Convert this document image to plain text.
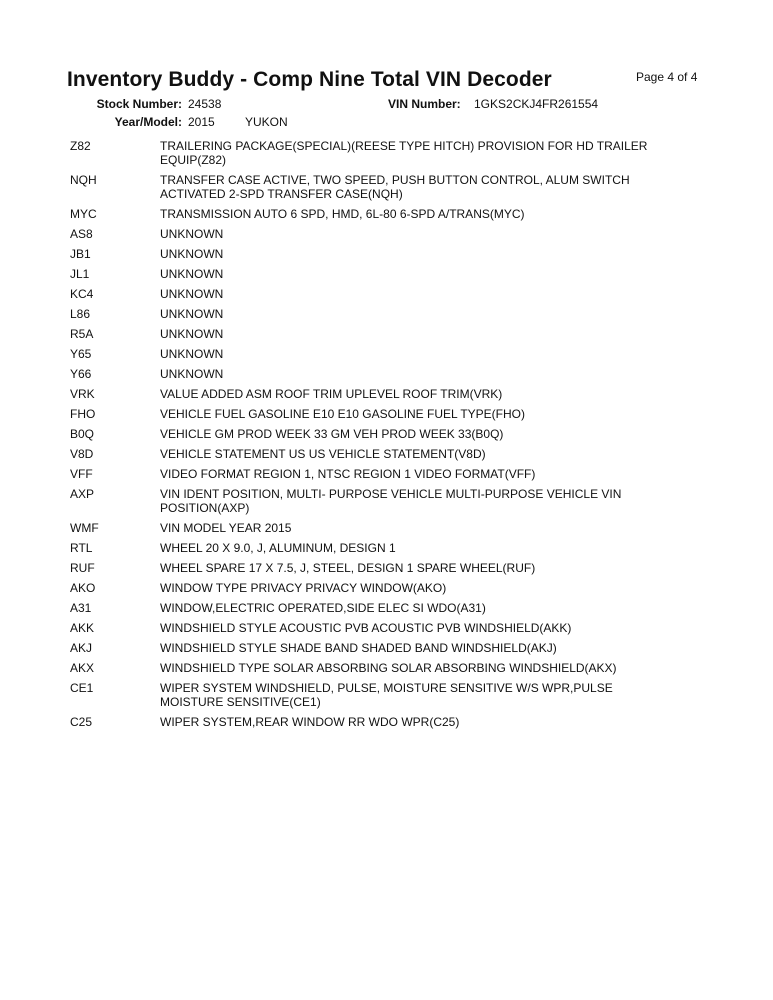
Inventory Buddy - Comp Nine Total VIN Decoder	Page 4 of 4
Stock Number: 24538	VIN Number: 1GKS2CKJ4FR261554
Year/Model: 2015	YUKON
Z82	TRAILERING PACKAGE(SPECIAL)(REESE TYPE HITCH) PROVISION FOR HD TRAILER
EQUIP(Z82)
NQH	TRANSFER CASE ACTIVE, TWO SPEED, PUSH BUTTON CONTROL, ALUM SWITCH
ACTIVATED 2-SPD TRANSFER CASE(NQH)
MYC	TRANSMISSION AUTO 6 SPD, HMD, 6L-80 6-SPD A/TRANS(MYC)
AS8	UNKNOWN
JB1	UNKNOWN
JL1	UNKNOWN
KC4	UNKNOWN
L86	UNKNOWN
R5A	UNKNOWN
Y65	UNKNOWN
Y66	UNKNOWN
VRK	VALUE ADDED ASM ROOF TRIM UPLEVEL ROOF TRIM(VRK)
FHO	VEHICLE FUEL GASOLINE E10 E10 GASOLINE FUEL TYPE(FHO)
B0Q	VEHICLE GM PROD WEEK 33 GM VEH PROD WEEK 33(B0Q)
V8D	VEHICLE STATEMENT US US VEHICLE STATEMENT(V8D)
VFF	VIDEO FORMAT REGION 1, NTSC REGION 1 VIDEO FORMAT(VFF)
AXP	VIN IDENT POSITION, MULTI- PURPOSE VEHICLE MULTI-PURPOSE VEHICLE VIN
POSITION(AXP)
WMF	VIN MODEL YEAR 2015
RTL	WHEEL 20 X 9.0, J, ALUMINUM, DESIGN 1
RUF	WHEEL SPARE 17 X 7.5, J, STEEL, DESIGN 1 SPARE WHEEL(RUF)
AKO	WINDOW TYPE PRIVACY PRIVACY WINDOW(AKO)
A31	WINDOW,ELECTRIC OPERATED,SIDE ELEC SI WDO(A31)
AKK	WINDSHIELD STYLE ACOUSTIC PVB ACOUSTIC PVB WINDSHIELD(AKK)
AKJ	WINDSHIELD STYLE SHADE BAND SHADED BAND WINDSHIELD(AKJ)
AKX	WINDSHIELD TYPE SOLAR ABSORBING SOLAR ABSORBING WINDSHIELD(AKX)
CE1	WIPER SYSTEM WINDSHIELD, PULSE, MOISTURE SENSITIVE W/S WPR,PULSE
MOISTURE SENSITIVE(CE1)
C25	WIPER SYSTEM,REAR WINDOW RR WDO WPR(C25)
